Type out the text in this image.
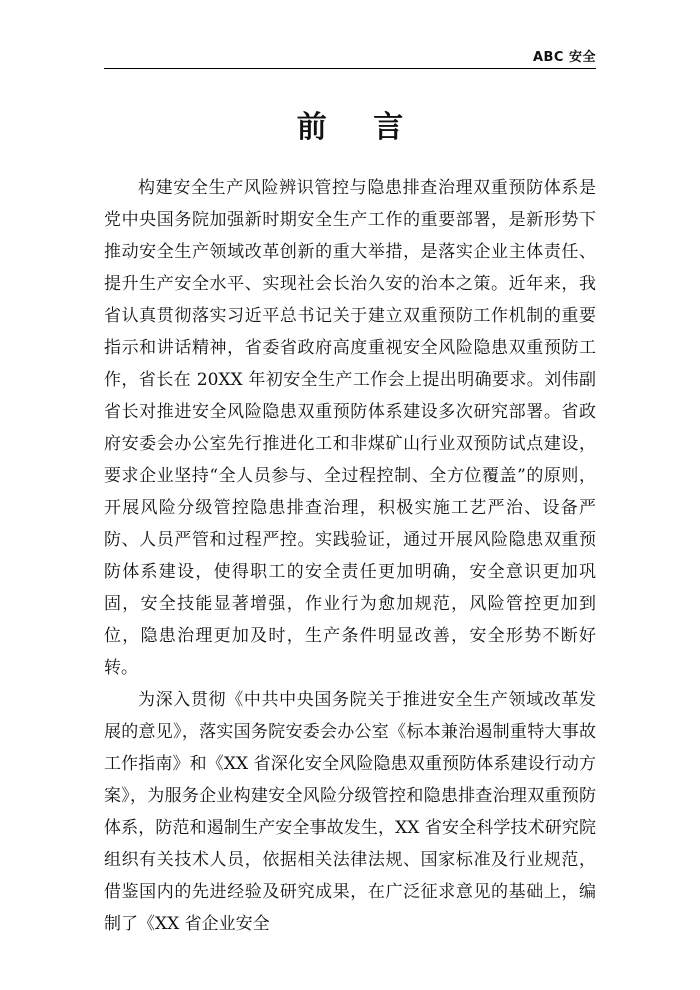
ABC 安全
前 言

构建安全生产风险辨识管控与隐患排查治理双重预防体系是党中央国务院加强新时期安全生产工作的重要部署，是新形势下推动安全生产领域改革创新的重大举措，是落实企业主体责任、提升生产安全水平、实现社会长治久安的治本之策。近年来，我省认真贯彻落实习近平总书记关于建立双重预防工作机制的重要指示和讲话精神，省委省政府高度重视安全风险隐患双重预防工作，省长在 20XX 年初安全生产工作会上提出明确要求。刘伟副省长对推进安全风险隐患双重预防体系建设多次研究部署。省政府安委会办公室先行推进化工和非煤矿山行业双预防试点建设，要求企业坚持“全人员参与、全过程控制、全方位覆盖”的原则，开展风险分级管控隐患排查治理，积极实施工艺严治、设备严防、人员严管和过程严控。实践验证，通过开展风险隐患双重预防体系建设，使得职工的安全责任更加明确，安全意识更加巩固，安全技能显著增强，作业行为愈加规范，风险管控更加到位，隐患治理更加及时，生产条件明显改善，安全形势不断好转。

为深入贯彻《中共中央国务院关于推进安全生产领域改革发展的意见》，落实国务院安委会办公室《标本兼治遏制重特大事故工作指南》和《XX 省深化安全风险隐患双重预防体系建设行动方案》，为服务企业构建安全风险分级管控和隐患排查治理双重预防体系，防范和遏制生产安全事故发生，XX 省安全科学技术研究院组织有关技术人员，依据相关法律法规、国家标准及行业规范，借鉴国内的先进经验及研究成果，在广泛征求意见的基础上，编制了《XX 省企业安全
